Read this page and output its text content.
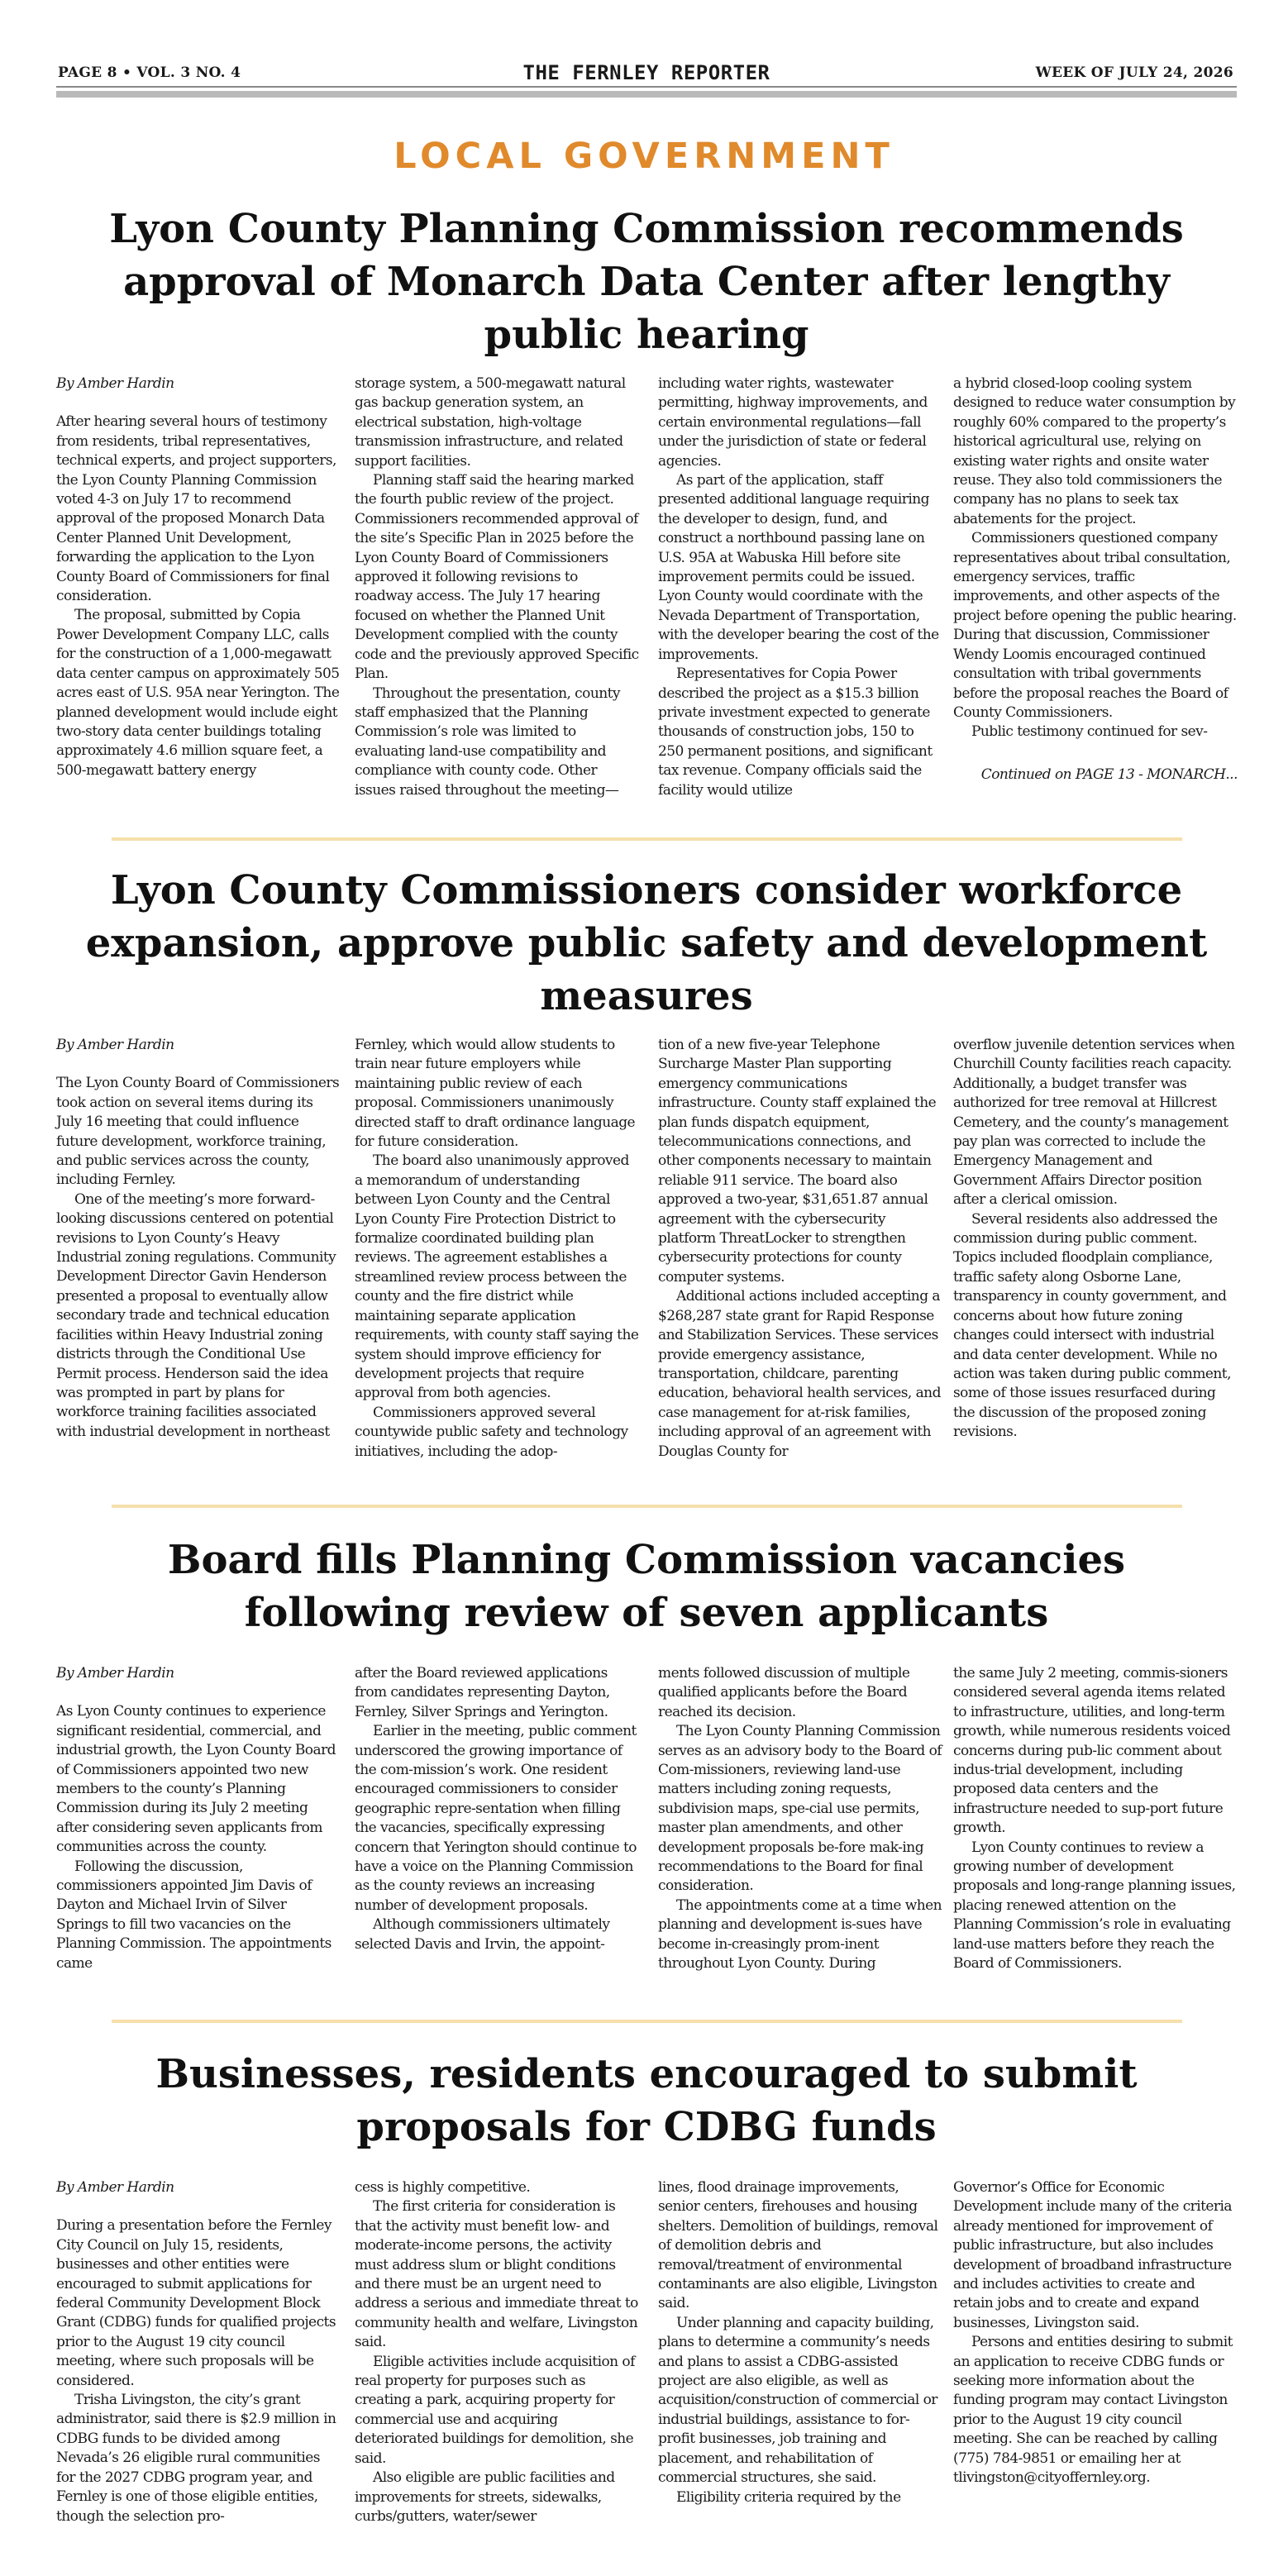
PAGE 8 • VOL. 3 NO. 4	THE FERNLEY REPORTER	WEEK OF JULY 24, 2026
LOCAL GOVERNMENT
Lyon County Planning Commission recommends approval of Monarch Data Center after lengthy public hearing
By Amber Hardin

After hearing several hours of testimony from residents, tribal representatives, technical experts, and project supporters, the Lyon County Planning Commission voted 4-3 on July 17 to recommend approval of the proposed Monarch Data Center Planned Unit Development, forwarding the application to the Lyon County Board of Commissioners for final consideration.

The proposal, submitted by Copia Power Development Company LLC, calls for the construction of a 1,000-megawatt data center campus on approximately 505 acres east of U.S. 95A near Yerington. The planned development would include eight two-story data center buildings totaling approximately 4.6 million square feet, a 500-megawatt battery energy

storage system, a 500-megawatt natural gas backup generation system, an electrical substation, high-voltage transmission infrastructure, and related support facilities.

Planning staff said the hearing marked the fourth public review of the project. Commissioners recommended approval of the site’s Specific Plan in 2025 before the Lyon County Board of Commissioners approved it following revisions to roadway access. The July 17 hearing focused on whether the Planned Unit Development complied with the county code and the previously approved Specific Plan.

Throughout the presentation, county staff emphasized that the Planning Commission’s role was limited to evaluating land-use compatibility and compliance with county code. Other issues raised throughout the meeting—

including water rights, wastewater permitting, highway improvements, and certain environmental regulations—fall under the jurisdiction of state or federal agencies.

As part of the application, staff presented additional language requiring the developer to design, fund, and construct a northbound passing lane on U.S. 95A at Wabuska Hill before site improvement permits could be issued. Lyon County would coordinate with the Nevada Department of Transportation, with the developer bearing the cost of the improvements.

Representatives for Copia Power described the project as a $15.3 billion private investment expected to generate thousands of construction jobs, 150 to 250 permanent positions, and significant tax revenue. Company officials said the facility would utilize

a hybrid closed-loop cooling system designed to reduce water consumption by roughly 60% compared to the property’s historical agricultural use, relying on existing water rights and onsite water reuse. They also told commissioners the company has no plans to seek tax abatements for the project.

Commissioners questioned company representatives about tribal consultation, emergency services, traffic improvements, and other aspects of the project before opening the public hearing. During that discussion, Commissioner Wendy Loomis encouraged continued consultation with tribal governments before the proposal reaches the Board of County Commissioners.

Public testimony continued for sev-

Continued on PAGE 13 - MONARCH...
Lyon County Commissioners consider workforce expansion, approve public safety and development measures
By Amber Hardin

The Lyon County Board of Commissioners took action on several items during its July 16 meeting that could influence future development, workforce training, and public services across the county, including Fernley.

One of the meeting’s more forward-looking discussions centered on potential revisions to Lyon County’s Heavy Industrial zoning regulations. Community Development Director Gavin Henderson presented a proposal to eventually allow secondary trade and technical education facilities within Heavy Industrial zoning districts through the Conditional Use Permit process. Henderson said the idea was prompted in part by plans for workforce training facilities associated with industrial development in northeast

Fernley, which would allow students to train near future employers while maintaining public review of each proposal. Commissioners unanimously directed staff to draft ordinance language for future consideration.

The board also unanimously approved a memorandum of understanding between Lyon County and the Central Lyon County Fire Protection District to formalize coordinated building plan reviews. The agreement establishes a streamlined review process between the county and the fire district while maintaining separate application requirements, with county staff saying the system should improve efficiency for development projects that require approval from both agencies.

Commissioners approved several countywide public safety and technology initiatives, including the adop-

tion of a new five-year Telephone Surcharge Master Plan supporting emergency communications infrastructure. County staff explained the plan funds dispatch equipment, telecommunications connections, and other components necessary to maintain reliable 911 service. The board also approved a two-year, $31,651.87 annual agreement with the cybersecurity platform ThreatLocker to strengthen cybersecurity protections for county computer systems.

Additional actions included accepting a $268,287 state grant for Rapid Response and Stabilization Services. These services provide emergency assistance, transportation, childcare, parenting education, behavioral health services, and case management for at-risk families, including approval of an agreement with Douglas County for

overflow juvenile detention services when Churchill County facilities reach capacity. Additionally, a budget transfer was authorized for tree removal at Hillcrest Cemetery, and the county’s management pay plan was corrected to include the Emergency Management and Government Affairs Director position after a clerical omission.

Several residents also addressed the commission during public comment. Topics included floodplain compliance, traffic safety along Osborne Lane, transparency in county government, and concerns about how future zoning changes could intersect with industrial and data center development. While no action was taken during public comment, some of those issues resurfaced during the discussion of the proposed zoning revisions.

Board fills Planning Commission vacancies following review of seven applicants
By Amber Hardin

As Lyon County continues to experience significant residential, commercial, and industrial growth, the Lyon County Board of Commissioners appointed two new members to the county’s Planning Commission during its July 2 meeting after considering seven applicants from communities across the county.

Following the discussion, commissioners appointed Jim Davis of Dayton and Michael Irvin of Silver Springs to fill two vacancies on the Planning Commission. The appointments came

after the Board reviewed applications from candidates representing Dayton, Fernley, Silver Springs and Yerington.

Earlier in the meeting, public comment underscored the growing importance of the com-mission’s work. One resident encouraged commissioners to consider geographic repre-sentation when filling the vacancies, specifically expressing concern that Yerington should continue to have a voice on the Planning Commission as the county reviews an increasing number of development proposals.

Although commissioners ultimately selected Davis and Irvin, the appoint-

ments followed discussion of multiple qualified applicants before the Board reached its decision.

The Lyon County Planning Commission serves as an advisory body to the Board of Com-missioners, reviewing land-use matters including zoning requests, subdivision maps, spe-cial use permits, master plan amendments, and other development proposals be-fore mak-ing recommendations to the Board for final consideration.

The appointments come at a time when planning and development is-sues have become in-creasingly prom-inent throughout Lyon County. During

the same July 2 meeting, commis-sioners considered several agenda items related to infrastructure, utilities, and long-term growth, while numerous residents voiced concerns during pub-lic comment about indus-trial development, including proposed data centers and the infrastructure needed to sup-port future growth.

Lyon County continues to review a growing number of development proposals and long-range planning issues, placing renewed attention on the Planning Commission’s role in evaluating land-use matters before they reach the Board of Commissioners.

Businesses, residents encouraged to submit proposals for CDBG funds
By Amber Hardin

During a presentation before the Fernley City Council on July 15, residents, businesses and other entities were encouraged to submit applications for federal Community Development Block Grant (CDBG) funds for qualified projects prior to the August 19 city council meeting, where such proposals will be considered.

Trisha Livingston, the city’s grant administrator, said there is $2.9 million in CDBG funds to be divided among Nevada’s 26 eligible rural communities for the 2027 CDBG program year, and Fernley is one of those eligible entities, though the selection pro-

cess is highly competitive.

The first criteria for consideration is that the activity must benefit low- and moderate-income persons, the activity must address slum or blight conditions and there must be an urgent need to address a serious and immediate threat to community health and welfare, Livingston said.

Eligible activities include acquisition of real property for purposes such as creating a park, acquiring property for commercial use and acquiring deteriorated buildings for demolition, she said.

Also eligible are public facilities and improvements for streets, sidewalks, curbs/gutters, water/sewer

lines, flood drainage improvements, senior centers, firehouses and housing shelters. Demolition of buildings, removal of demolition debris and removal/treatment of environmental contaminants are also eligible, Livingston said.

Under planning and capacity building, plans to determine a community’s needs and plans to assist a CDBG-assisted project are also eligible, as well as acquisition/construction of commercial or industrial buildings, assistance to for-profit businesses, job training and placement, and rehabilitation of commercial structures, she said.

Eligibility criteria required by the

Governor’s Office for Economic Development include many of the criteria already mentioned for improvement of public infrastructure, but also includes development of broadband infrastructure and includes activities to create and retain jobs and to create and expand businesses, Livingston said.

Persons and entities desiring to submit an application to receive CDBG funds or seeking more information about the funding program may contact Livingston prior to the August 19 city council meeting. She can be reached by calling (775) 784-9851 or emailing her at tlivingston@cityoffernley.org.
